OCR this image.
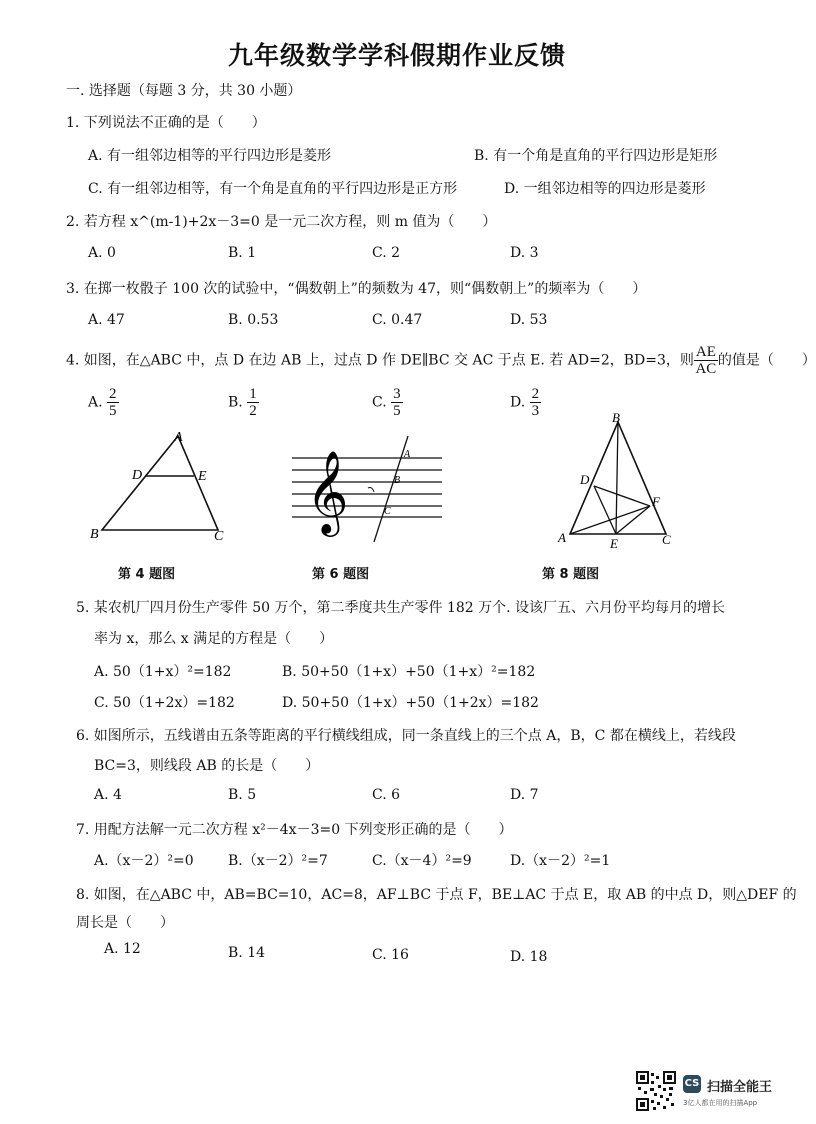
九年级数学学科假期作业反馈
一. 选择题（每题 3 分，共 30 小题）
1. 下列说法不正确的是（　　）
A. 有一组邻边相等的平行四边形是菱形	B. 有一个角是直角的平行四边形是矩形
C. 有一组邻边相等，有一个角是直角的平行四边形是正方形	D. 一组邻边相等的四边形是菱形
2. 若方程 x^(m-1)+2x－3=0 是一元二次方程，则 m 值为（　　）
A. 0	B. 1	C. 2	D. 3
3. 在掷一枚骰子 100 次的试验中，“偶数朝上”的频数为 47，则“偶数朝上”的频率为（　　）
A. 47	B. 0.53	C. 0.47	D. 53
4. 如图，在△ABC 中，点 D 在边 AB 上，过点 D 作 DE∥BC 交 AC 于点 E. 若 AD=2，BD=3，则 $\frac{AE}{AC}$ 的值是（　　）
A. $\frac{2}{5}$	B. $\frac{1}{2}$	C. $\frac{3}{5}$	D. $\frac{2}{3}$
A
D	E
B	C
第 4 题图
𝄞	A
B
C
第 6 题图
B
D
F
A	E	C
第 8 题图
5. 某农机厂四月份生产零件 50 万个，第二季度共生产零件 182 万个. 设该厂五、六月份平均每月的增长
率为 x，那么 x 满足的方程是（　　）
A. 50（1+x）²=182	B. 50+50（1+x）+50（1+x）²=182
C. 50（1+2x）=182	D. 50+50（1+x）+50（1+2x）=182
6. 如图所示，五线谱由五条等距离的平行横线组成，同一条直线上的三个点 A，B，C 都在横线上，若线段
BC=3，则线段 AB 的长是（　　）
A. 4	B. 5	C. 6	D. 7
7. 用配方法解一元二次方程 x²－4x－3=0 下列变形正确的是（　　）
A.（x－2）²=0 B.（x－2）²=7	C.（x－4）²=9	D.（x－2）²=1
8. 如图，在△ABC 中，AB=BC=10，AC=8，AF⊥BC 于点 F，BE⊥AC 于点 E，取 AB 的中点 D，则△DEF 的
周长是（　　）
A. 12	B. 14	C. 16	D. 18
CS 扫描全能王
3亿人都在用的扫描App
